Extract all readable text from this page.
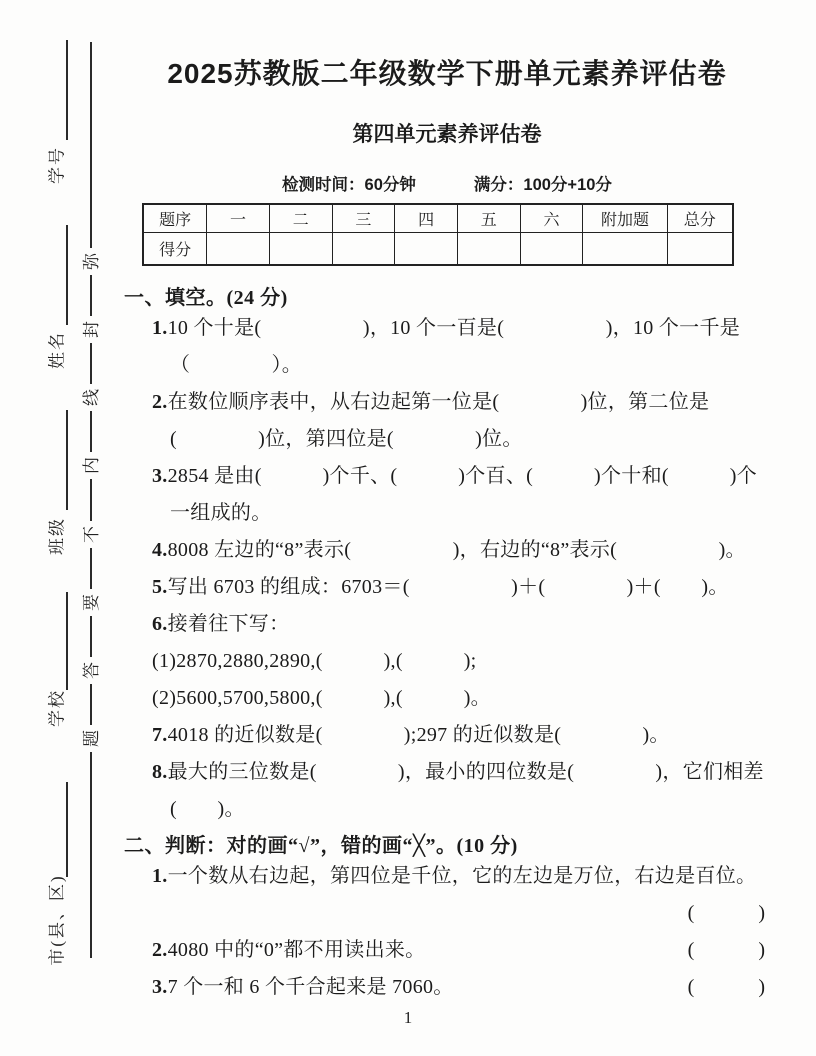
弥
封
线
内
不
要
答
题
学号
姓名
班级
学校
市(县、区)
2025苏教版二年级数学下册单元素养评估卷
第四单元素养评估卷
检测时间：60分钟	满分：100分+10分
题序	一	二	三	四	五	六	附加题	总分
得分								
一、填空。(24 分)
1.10 个十是(　　　　　)，10 个一百是(　　　　　)，10 个一千是（　　　　）。
2.在数位顺序表中，从右边起第一位是(　　　　)位，第二位是(　　　　)位，第四位是(　　　　)位。
3.2854 是由(　　　)个千、(　　　)个百、(　　　)个十和(　　　)个一组成的。
4.8008 左边的“8”表示(　　　　　)，右边的“8”表示(　　　　　)。
5.写出 6703 的组成：6703＝(　　　　　)＋(　　　　)＋(　　)。
6.接着往下写：
(1)2870,2880,2890,(　　　),(　　　);
(2)5600,5700,5800,(　　　),(　　　)。
7.4018 的近似数是(　　　　);297 的近似数是(　　　　)。
8.最大的三位数是(　　　　)，最小的四位数是(　　　　)，它们相差(　　)。
二、判断：对的画“√”，错的画“╳”。(10 分)
1.一个数从右边起，第四位是千位，它的左边是万位，右边是百位。
(　　　)
2.4080 中的“0”都不用读出来。	(　　　)
3.7 个一和 6 个千合起来是 7060。	(　　　)
1
